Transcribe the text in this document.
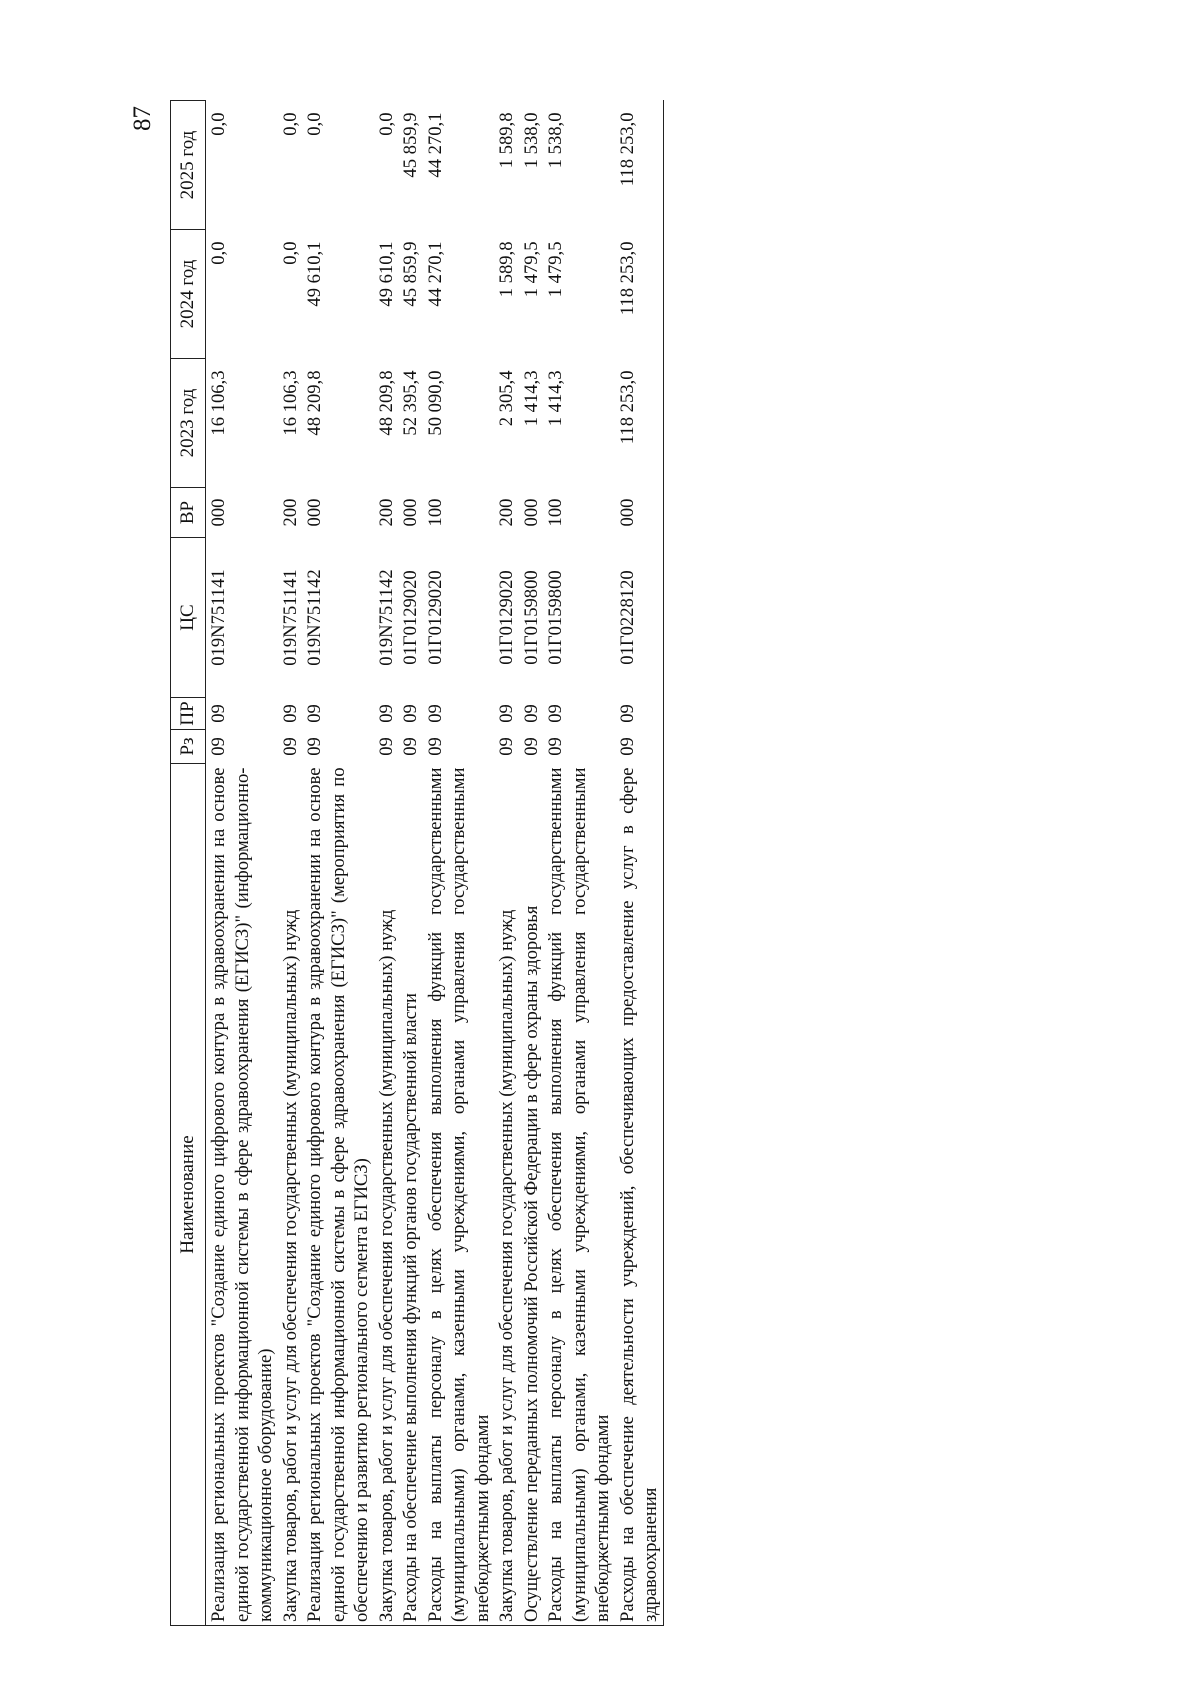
87
Наименование	Рз	ПР	ЦС	ВР	2023 год	2024 год	2025 год
Реализация региональных проектов "Создание единого цифрового контура в здравоохранении на основе единой государственной информационной системы в сфере здравоохранения (ЕГИСЗ)" (информационно-коммуникационное оборудование)	09	09	019N751141	000	16 106,3	0,0	0,0
Закупка товаров, работ и услуг для обеспечения государственных (муниципальных) нужд	09	09	019N751141	200	16 106,3	0,0	0,0
Реализация региональных проектов "Создание единого цифрового контура в здравоохранении на основе единой государственной информационной системы в сфере здравоохранения (ЕГИСЗ)" (мероприятия по обеспечению и развитию регионального сегмента ЕГИСЗ)	09	09	019N751142	000	48 209,8	49 610,1	0,0
Закупка товаров, работ и услуг для обеспечения государственных (муниципальных) нужд	09	09	019N751142	200	48 209,8	49 610,1	0,0
Расходы на обеспечение выполнения функций органов государственной власти	09	09	01Г0129020	000	52 395,4	45 859,9	45 859,9
Расходы на выплаты персоналу в целях обеспечения выполнения функций государственными (муниципальными) органами, казенными учреждениями, органами управления государственными внебюджетными фондами	09	09	01Г0129020	100	50 090,0	44 270,1	44 270,1
Закупка товаров, работ и услуг для обеспечения государственных (муниципальных) нужд	09	09	01Г0129020	200	2 305,4	1 589,8	1 589,8
Осуществление переданных полномочий Российской Федерации в сфере охраны здоровья	09	09	01Г0159800	000	1 414,3	1 479,5	1 538,0
Расходы на выплаты персоналу в целях обеспечения выполнения функций государственными (муниципальными) органами, казенными учреждениями, органами управления государственными внебюджетными фондами	09	09	01Г0159800	100	1 414,3	1 479,5	1 538,0
Расходы на обеспечение деятельности учреждений, обеспечивающих предоставление услуг в сфере здравоохранения	09	09	01Г0228120	000	118 253,0	118 253,0	118 253,0
